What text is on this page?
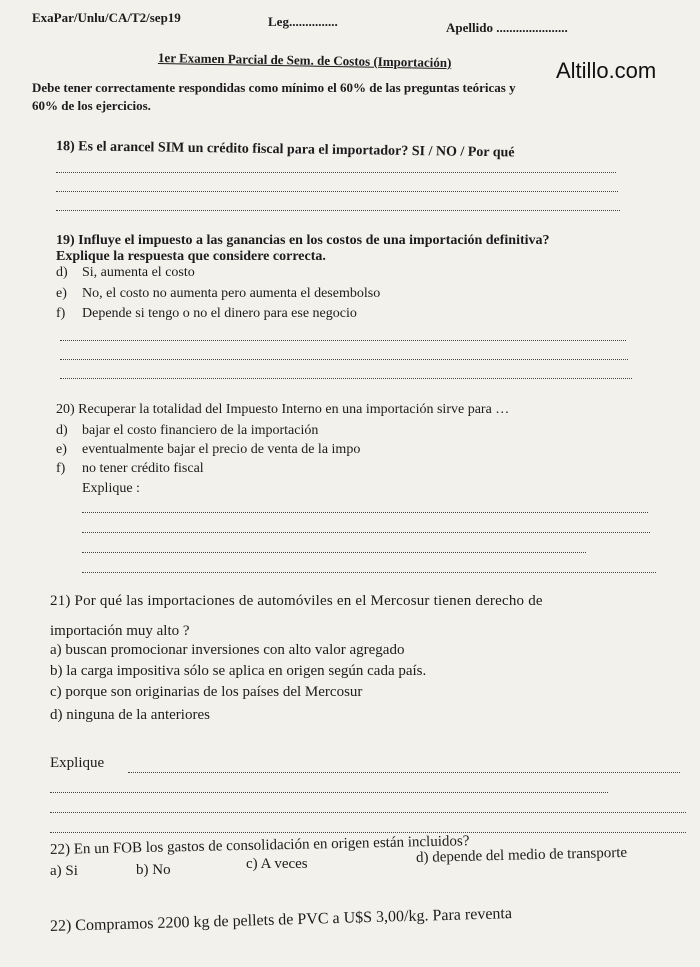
ExaPar/Unlu/CA/T2/sep19	Leg...............	Apellido ......................
Altillo.com
1er Examen Parcial de Sem. de Costos (Importación)
Debe tener correctamente respondidas como mínimo el 60% de las preguntas teóricas y
60% de los ejercicios.
18) Es el arancel SIM un crédito fiscal para el importador? SI / NO / Por qué
19) Influye el impuesto a las ganancias en los costos de una importación definitiva?
Explique la respuesta que considere correcta.
d) Si, aumenta el costo
e) No, el costo no aumenta pero aumenta el desembolso
f) Depende si tengo o no el dinero para ese negocio
20) Recuperar la totalidad del Impuesto Interno en una importación sirve para …
d) bajar el costo financiero de la importación
e) eventualmente bajar el precio de venta de la impo
f) no tener crédito fiscal
Explique :
21) Por qué las importaciones de automóviles en el Mercosur tienen derecho de
importación muy alto ?
a) buscan promocionar inversiones con alto valor agregado
b) la carga impositiva sólo se aplica en origen según cada país.
c) porque son originarias de los países del Mercosur
d) ninguna de la anteriores
Explique
22) En un FOB los gastos de consolidación en origen están incluidos?
a) Si	b) No	c) A veces	d) depende del medio de transporte
22) Compramos 2200 kg de pellets de PVC a U$S 3,00/kg. Para reventa
